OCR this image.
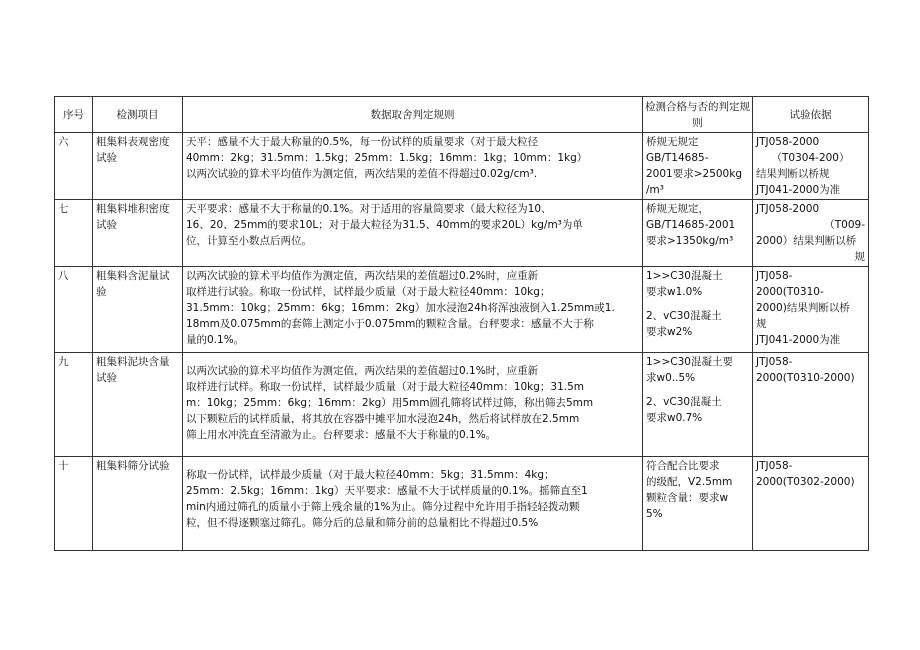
序号	检测项目	数据取舍判定规则	检测合格与否的判定规则	试验依据
六	粗集料表观密度试验	天平：感量不大于最大称量的0.5%，每一份试样的质量要求（对于最大粒径
40mm：2kg；31.5mm：1.5kg；25mm：1.5kg；16mm：1kg；10mm：1kg）
以两次试验的算术平均值作为测定值，两次结果的差值不得超过0.02g/cm³.	桥规无规定
GB/T14685-
2001要求>2500kg
/m³	JTJ058-2000
（T0304-200）
结果判断以桥规
JTJ041-2000为准

七	粗集料堆积密度试验	天平要求：感量不大于称量的0.1%。对于适用的容量筒要求（最大粒径为10、
16、20、25mm的要求10L；对于最大粒径为31.5、40mm的要求20L）kg/m³为单
位，计算至小数点后两位。	桥规无规定，
GB/T14685-2001
要求>1350kg/m³	JTJ058-2000
（T009-
2000）结果判断以桥
规

八	粗集料含泥量试验	以两次试验的算术平均值作为测定值，两次结果的差值超过0.2%时，应重新
取样进行试验。称取一份试样，试样最少质量（对于最大粒径40mm：10kg；
31.5mm：10kg；25mm：6kg；16mm：2kg）加水浸泡24h将浑浊液倒入1.25mm或1.
18mm及0.075mm的套筛上测定小于0.075mm的颗粒含量。台秤要求：感量不大于称
量的0.1%。	1>>C30混凝土
要求w1.0%
2、vC30混凝土
要求w2%	JTJ058-
2000(T0310-
2000)结果判断以桥
规
JTJ041-2000为准

九	粗集料泥块含量试验	以两次试验的算术平均值作为测定值，两次结果的差值超过0.1%时，应重新
取样进行试样。称取一份试样，试样最少质量（对于最大粒径40mm：10kg；31.5m
m：10kg；25mm：6kg；16mm：2kg）用5mm圆孔筛将试样过筛，称出筛去5mm
以下颗粒后的试样质量，将其放在容器中摊平加水浸泡24h，然后将试样放在2.5mm
筛上用水冲洗直至清澈为止。台秤要求：感量不大于称量的0.1%。	1>>C30混凝土要
求w0..5%
2、vC30混凝土
要求w0.7%	JTJ058-
2000(T0310-2000)

十	粗集料筛分试验	称取一份试样，试样最少质量（对于最大粒径40mm：5kg；31.5mm：4kg；
25mm：2.5kg；16mm：1kg）天平要求：感量不大于试样质量的0.1%。摇筛直至1
min内通过筛孔的质量小于筛上残余量的1%为止。筛分过程中允许用手指轻轻拨动颗
粒，但不得逐颗塞过筛孔。筛分后的总量和筛分前的总量相比不得超过0.5%	符合配合比要求
的级配，V2.5mm
颗粒含量：要求w
5%	JTJ058-
2000(T0302-2000)
